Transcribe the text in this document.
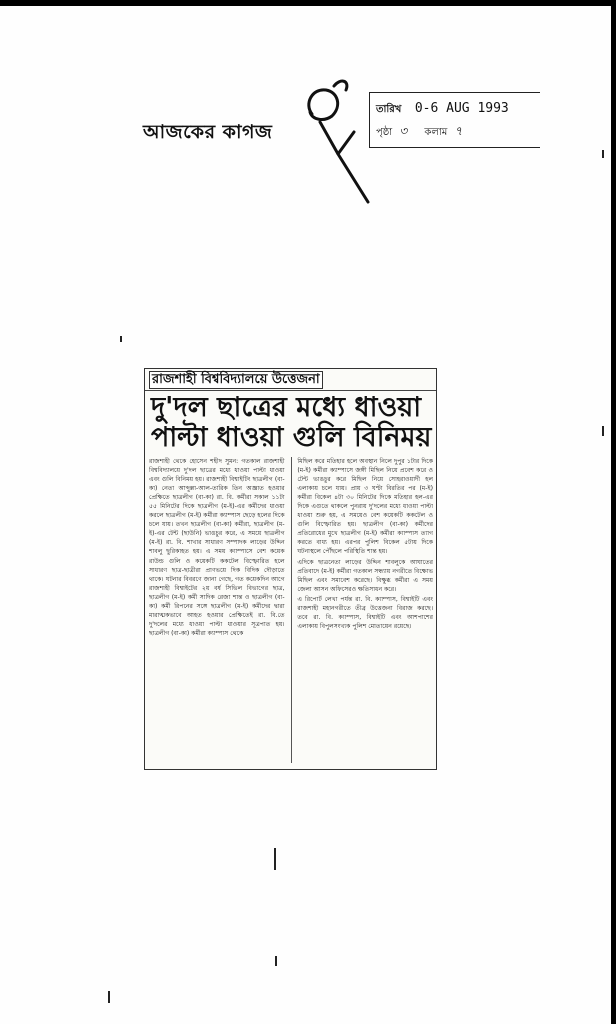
আজকের কাগজ
তারিখ 0-6 AUG 1993
পৃষ্ঠা ৩ কলাম ৭
রাজশাহী বিশ্ববিদ্যালয়ে উত্তেজনা
দু'দল ছাত্রের মধ্যে ধাওয়া
পাল্টা ধাওয়া গুলি বিনিময়

রাজশাহী থেকে হোসেন শহীদ সুমন: গতকাল রাজশাহী বিশ্ববিদ্যালয়ে দু'দল ছাত্রের মধ্যে ধাওয়া পাল্টা ধাওয়া এবং গুলি বিনিময় হয়। রাজশাহী বিশ্বাইটিং ছাত্রলীগ (বা-কা) নেতা আব্দুল্লা-আল-তারিক তিন অজ্ঞাত হওয়ার প্রেক্ষিতে ছাত্রলীগ (বা-কা) রা. বি. কর্মীরা সকাল ১১টা ৫৫ মিনিটের দিকে ছাত্রলীগ (ম-ই)-এর কর্মীদের ধাওয়া করলে ছাত্রলীগ (ম-ই) কর্মীরা ক্যাম্পাস ছেড়ে হলের দিকে চলে যায়। তখন ছাত্রলীগ (বা-কা) কর্মীরা, ছাত্রলীগ (ম-ই)-এর টেন্ট (ছাউনি) ভাঙচুর করে, এ সময়ে ছাত্রলীগ (ম-ই) রা. বি. শাখার সাধারণ সম্পাদক লাড়ের উদ্দিন শাবলু ছুরিকাহত হয়। এ সময় ক্যাম্পাসে বেশ কয়েক রাউন্ড গুলি ও কয়েকটি ককটেল বিস্ফোরিত হলে সাধারণ ছাত্র-ছাত্রীরা প্রাণভয়ে দিক বিদিক দৌড়াতে থাকে। ঘটনার বিবরণে জানা গেছে, গত কয়েকদিন আগে রাজশাহী বিশ্বাইটের ২য় বর্ষ সিভিল বিভাগের ছাত্র, ছাত্রলীগ (ম-ই) কর্মী সাদিক রেজা শান্ত ও ছাত্রলীগ (বা-কা) কর্মী রিপনের সঙ্গে ছাত্রলীগ (ম-ই) কর্মীদের দ্বারা মারাত্মকভাবে আহত হওয়ার প্রেক্ষিতেই রা. বি.তে দু'দলের মধ্যে ধাওয়া পাল্টা ধাওয়ার সূত্রপাত হয়। ছাত্রলীগ (বা-কা) কর্মীরা ক্যাম্পাস থেকে

মিছিল করে মতিহার হলে অবস্থান নিলে দুপুর ১টার দিকে (ম-ই) কর্মীরা ক্যাম্পাসে জঙ্গী মিছিল নিয়ে প্রবেশ করে ও টেন্ট ভাঙচুর করে মিছিল নিয়ে সোহরাওয়ার্দী হল এলাকায় চলে যায়। প্রায় ৩ ঘণ্টা বিরতির পর (ম-ই) কর্মীরা বিকেল ৪টা ৩০ মিনিটের দিকে মতিহার হল-এর দিকে এগুতে থাকলে পুনরায় দু'দলের মধ্যে ধাওয়া পাল্টা ধাওয়া শুরু হয়, এ সময়েও বেশ কয়েকটি ককটেল ও গুলি বিস্ফোরিত হয়। ছাত্রলীগ (বা-কা) কর্মীদের প্রতিরোধের মুখে ছাত্রলীগ (ম-ই) কর্মীরা ক্যাম্পাস ত্যাগ করতে বাধ্য হয়। এরপর পুলিশ বিকেল ৫টায় দিকে ঘটনাস্থলে পৌঁছলে পরিস্থিতি শান্ত হয়।

এদিকে ছাত্রনেতা লাড়ের উদ্দিন শাবলুকে আঘাতের প্রতিবাদে (ম-ই) কর্মীরা গতকাল সন্ধ্যায় নগরীতে বিক্ষোভ মিছিল এবং সমাবেশ করেছে। বিক্ষুব্ধ কর্মীরা এ সময় জেলা আসন অফিসেরও ক্ষতিসাধন করে।

এ রিপোর্ট লেখা পর্যন্ত রা. বি. ক্যাম্পাস, বিশ্বাইটি এবং রাজশাহী মহানগরীতে তীব্র উত্তেজনা বিরাজ করছে। তবে রা. বি. ক্যাম্পাস, বিশ্বাইটি এবং আশপাশের এলাকায় বিপুলসংখ্যক পুলিশ মোতায়েন রয়েছে।
